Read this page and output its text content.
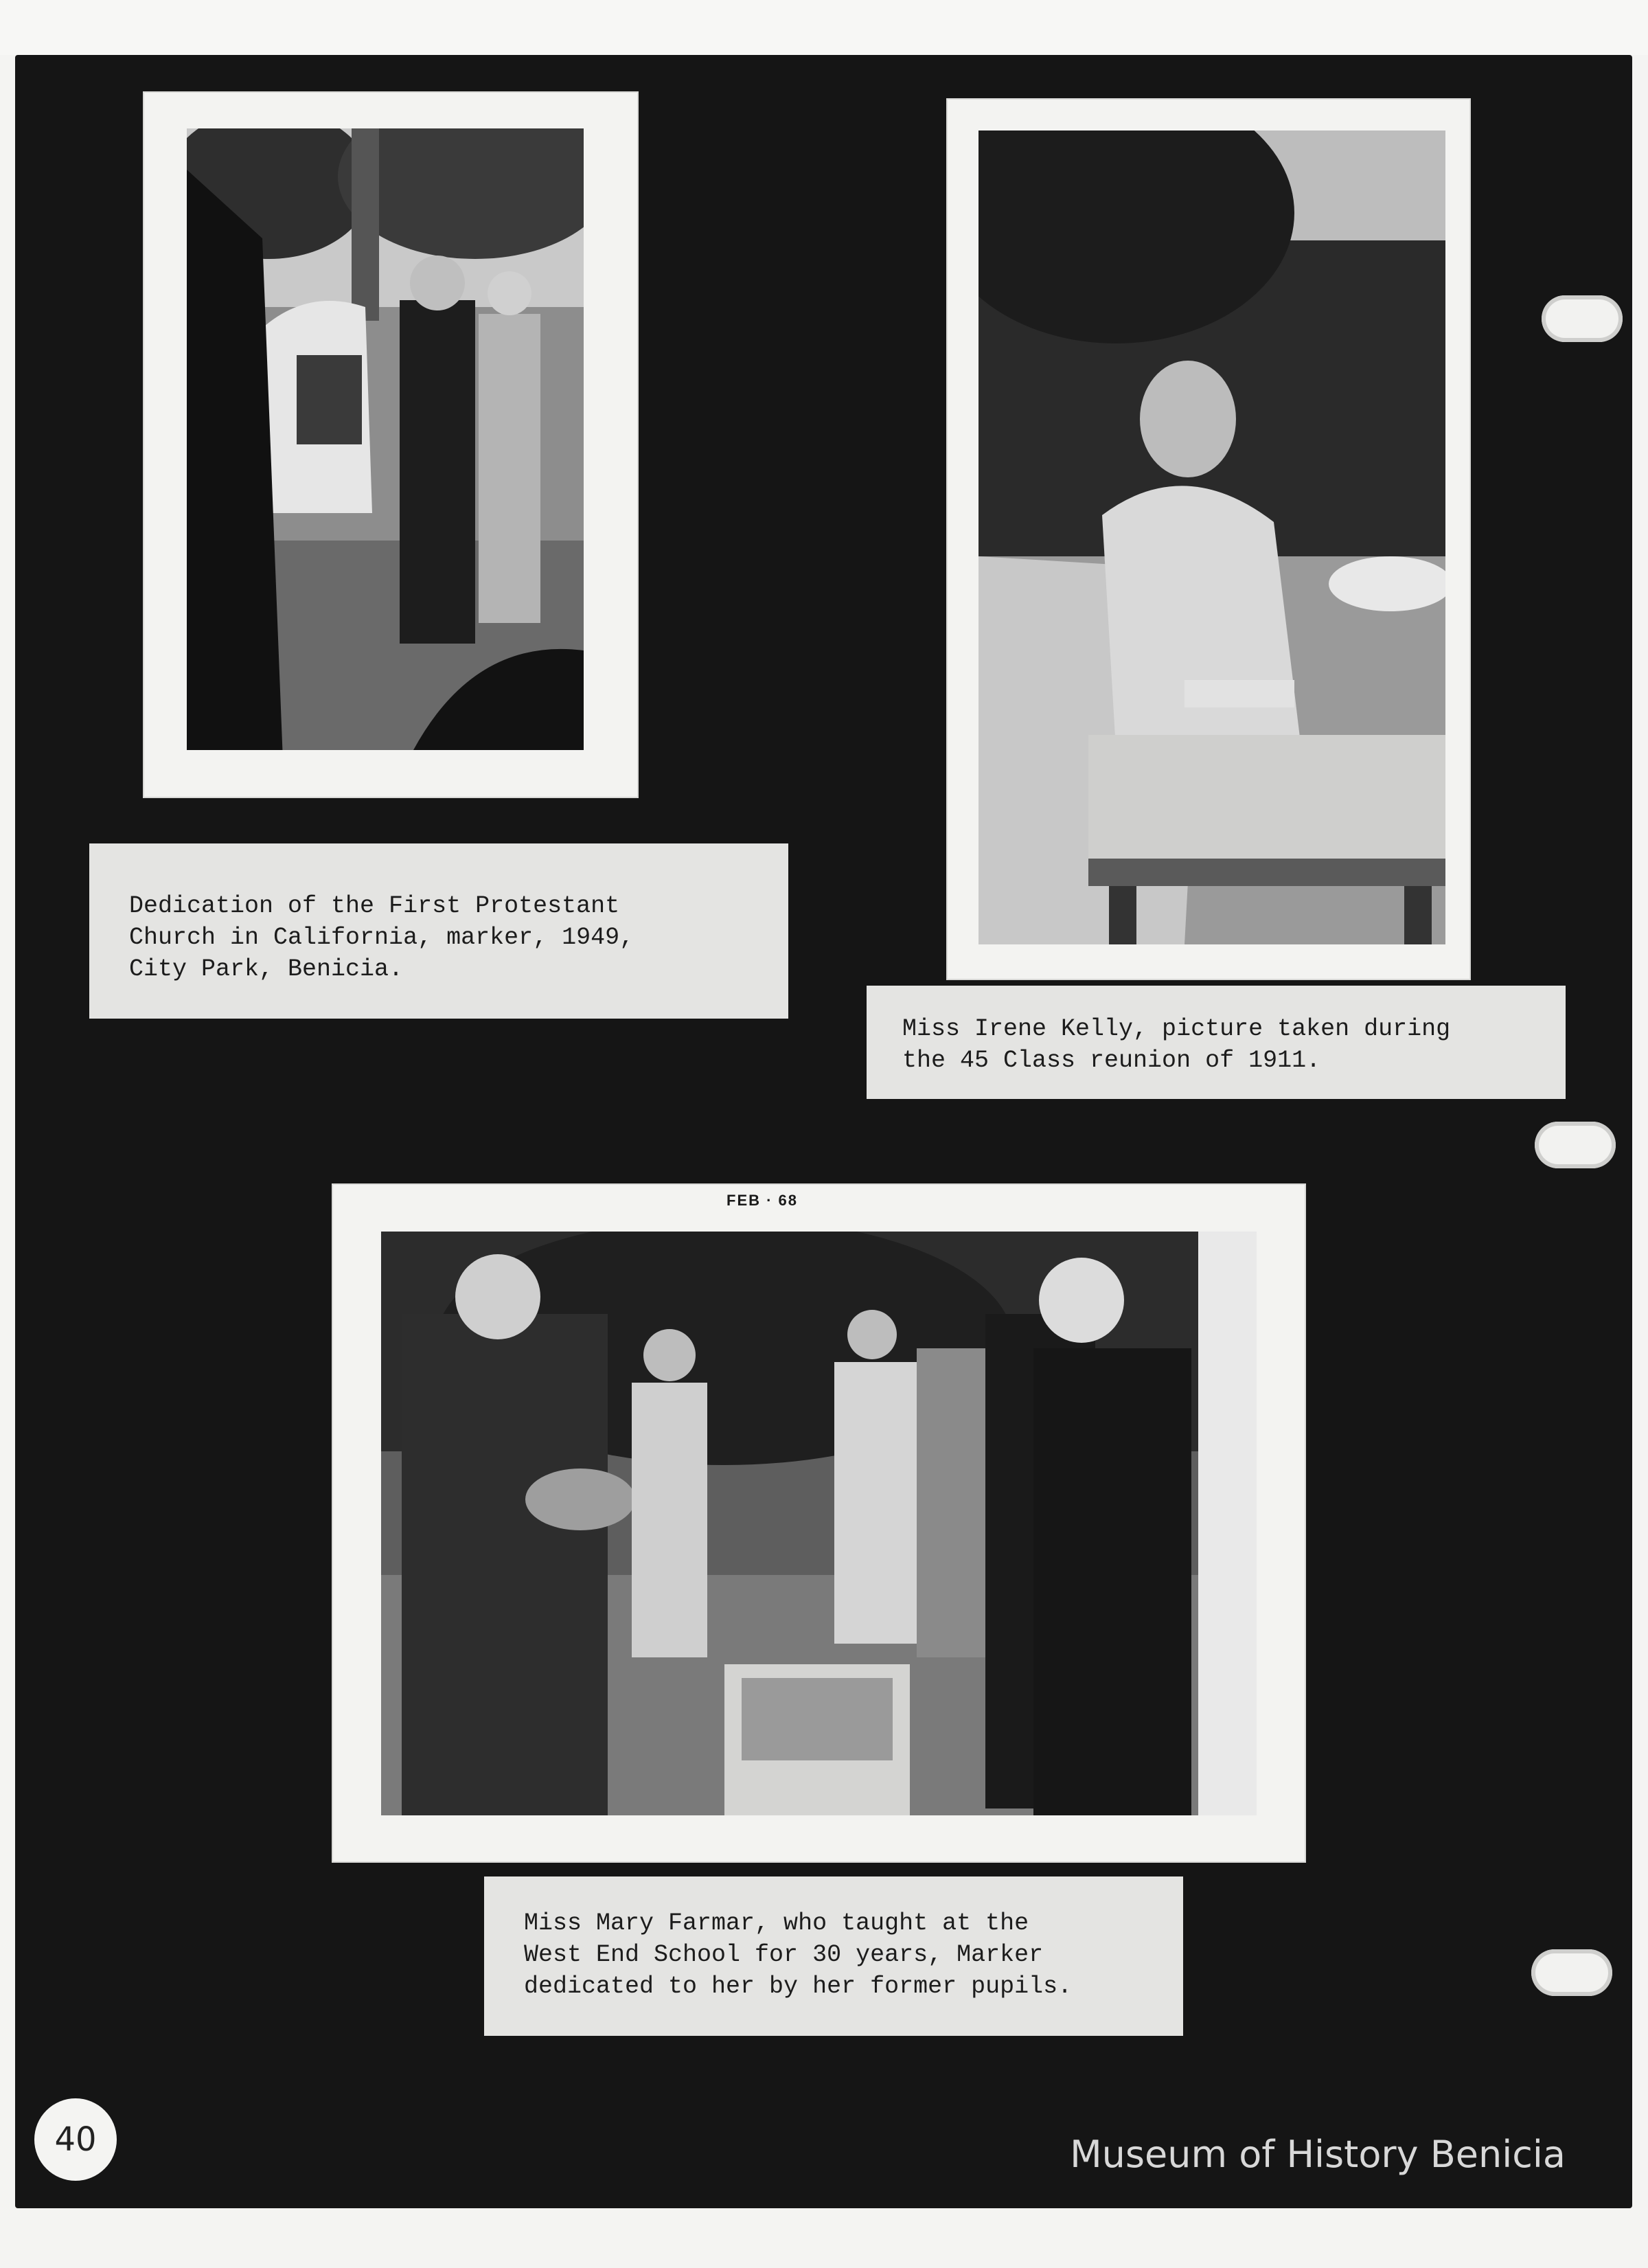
Dedication of the First Protestant
Church in California, marker, 1949,
City Park, Benicia.
Miss Irene Kelly, picture taken during
the 45 Class reunion of 1911.
FEB · 68
Miss Mary Farmar, who taught at the
West End School for 30 years, Marker
dedicated to her by her former pupils.
40	Museum of History Benicia
